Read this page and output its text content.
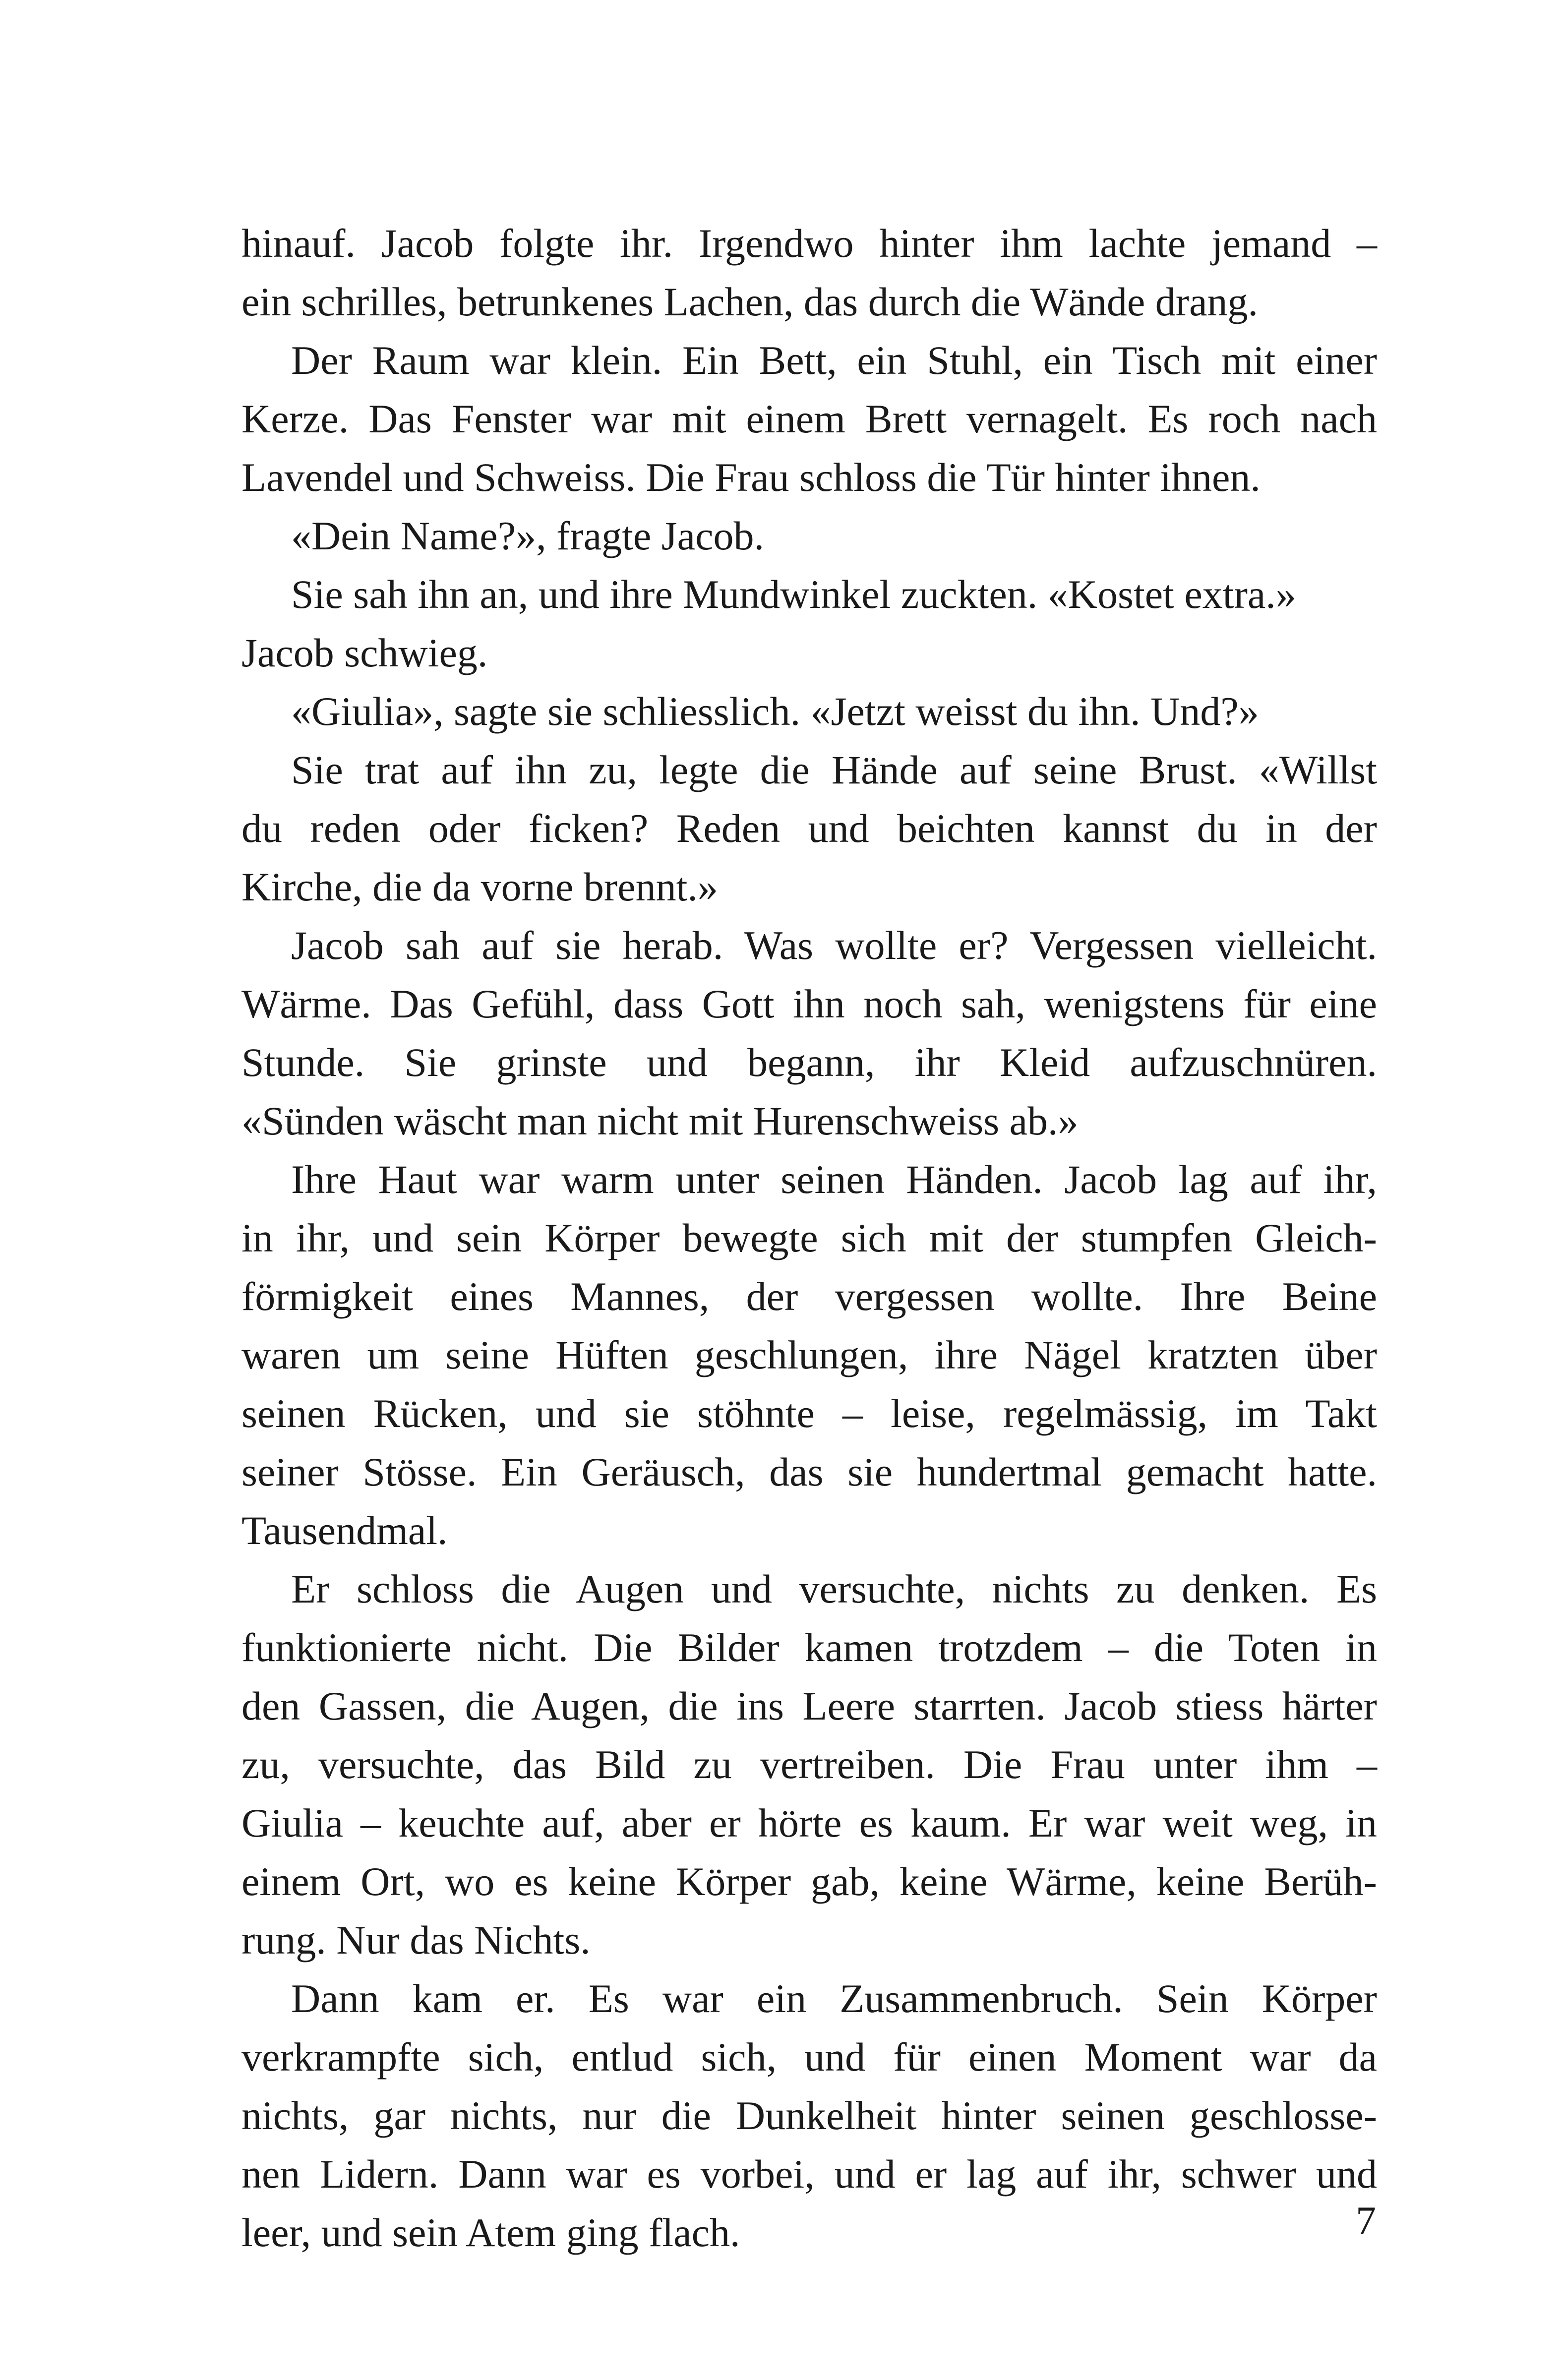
hinauf. Jacob folgte ihr. Irgendwo hinter ihm lachte jemand –
ein schrilles, betrunkenes Lachen, das durch die Wände drang.
Der Raum war klein. Ein Bett, ein Stuhl, ein Tisch mit einer
Kerze. Das Fenster war mit einem Brett vernagelt. Es roch nach
Lavendel und Schweiss. Die Frau schloss die Tür hinter ihnen.
«Dein Name?», fragte Jacob.
Sie sah ihn an, und ihre Mundwinkel zuckten. «Kostet extra.»
Jacob schwieg.
«Giulia», sagte sie schliesslich. «Jetzt weisst du ihn. Und?»
Sie trat auf ihn zu, legte die Hände auf seine Brust. «Willst
du reden oder ficken? Reden und beichten kannst du in der
Kirche, die da vorne brennt.»
Jacob sah auf sie herab. Was wollte er? Vergessen vielleicht.
Wärme. Das Gefühl, dass Gott ihn noch sah, wenigstens für eine
Stunde. Sie grinste und begann, ihr Kleid aufzuschnüren.
«Sünden wäscht man nicht mit Hurenschweiss ab.»
Ihre Haut war warm unter seinen Händen. Jacob lag auf ihr,
in ihr, und sein Körper bewegte sich mit der stumpfen Gleich-
förmigkeit eines Mannes, der vergessen wollte. Ihre Beine
waren um seine Hüften geschlungen, ihre Nägel kratzten über
seinen Rücken, und sie stöhnte – leise, regelmässig, im Takt
seiner Stösse. Ein Geräusch, das sie hundertmal gemacht hatte.
Tausendmal.
Er schloss die Augen und versuchte, nichts zu denken. Es
funktionierte nicht. Die Bilder kamen trotzdem – die Toten in
den Gassen, die Augen, die ins Leere starrten. Jacob stiess härter
zu, versuchte, das Bild zu vertreiben. Die Frau unter ihm –
Giulia – keuchte auf, aber er hörte es kaum. Er war weit weg, in
einem Ort, wo es keine Körper gab, keine Wärme, keine Berüh-
rung. Nur das Nichts.
Dann kam er. Es war ein Zusammenbruch. Sein Körper
verkrampfte sich, entlud sich, und für einen Moment war da
nichts, gar nichts, nur die Dunkelheit hinter seinen geschlosse-
nen Lidern. Dann war es vorbei, und er lag auf ihr, schwer und
leer, und sein Atem ging flach.	7
